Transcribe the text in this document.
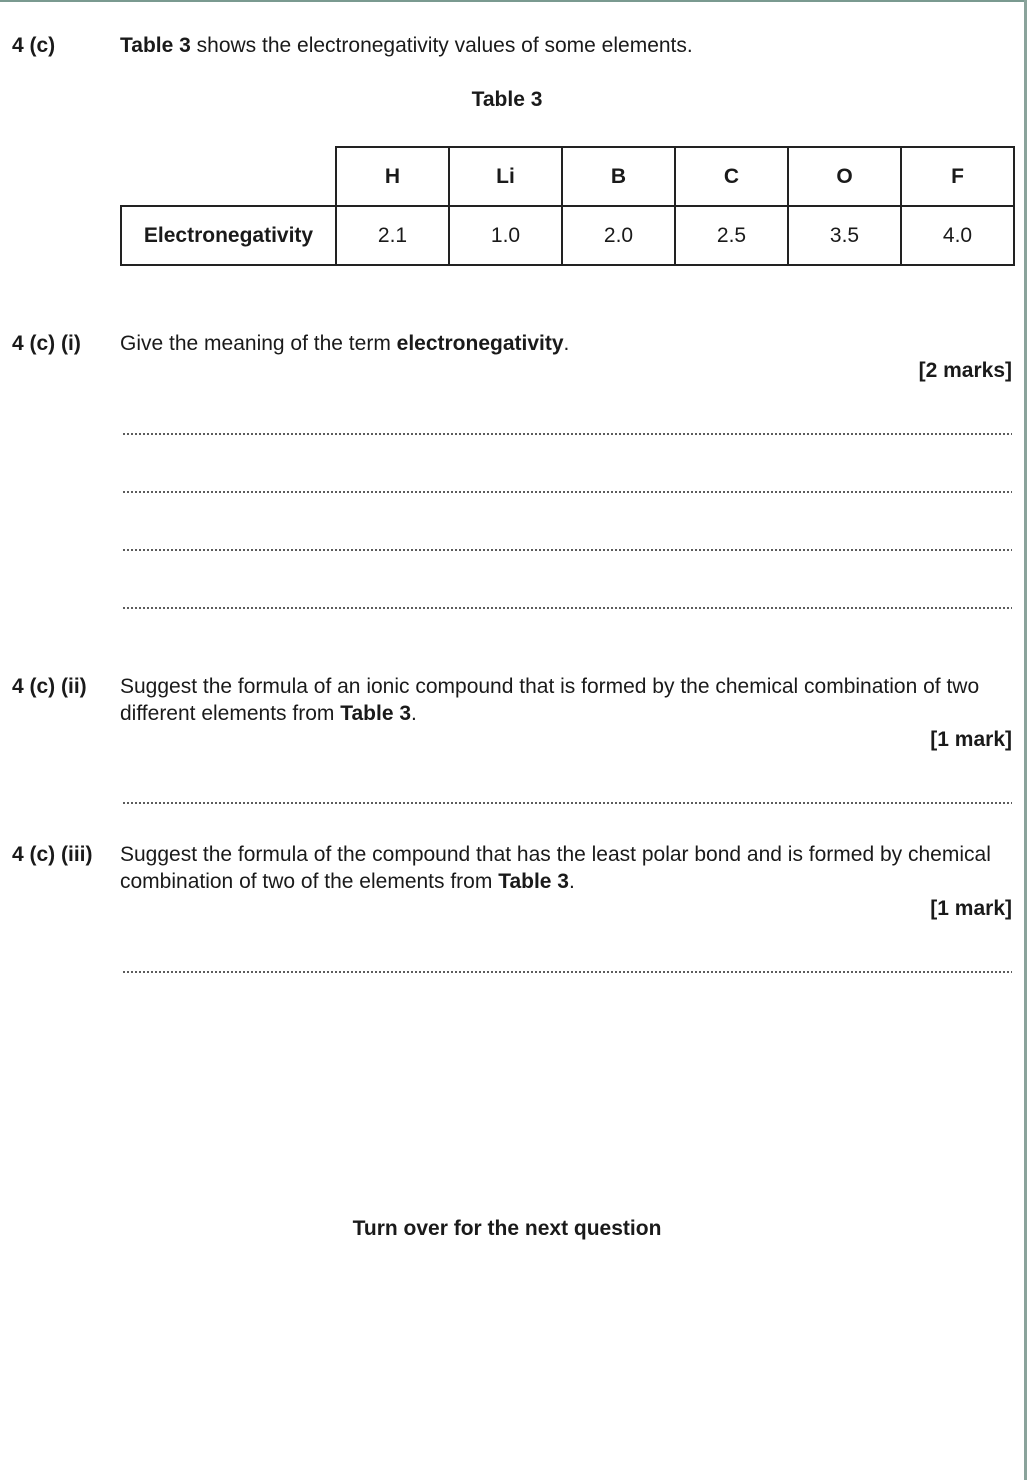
4 (c)	Table 3 shows the electronegativity values of some elements.
Table 3
	H	Li	B	C	O	F
Electronegativity	2.1	1.0	2.0	2.5	3.5	4.0
4 (c) (i) Give the meaning of the term electronegativity.
[2 marks]
4 (c) (ii) Suggest the formula of an ionic compound that is formed by the chemical combination of two different elements from Table 3.
[1 mark]
4 (c) (iii) Suggest the formula of the compound that has the least polar bond and is formed by chemical combination of two of the elements from Table 3.
[1 mark]
Turn over for the next question
